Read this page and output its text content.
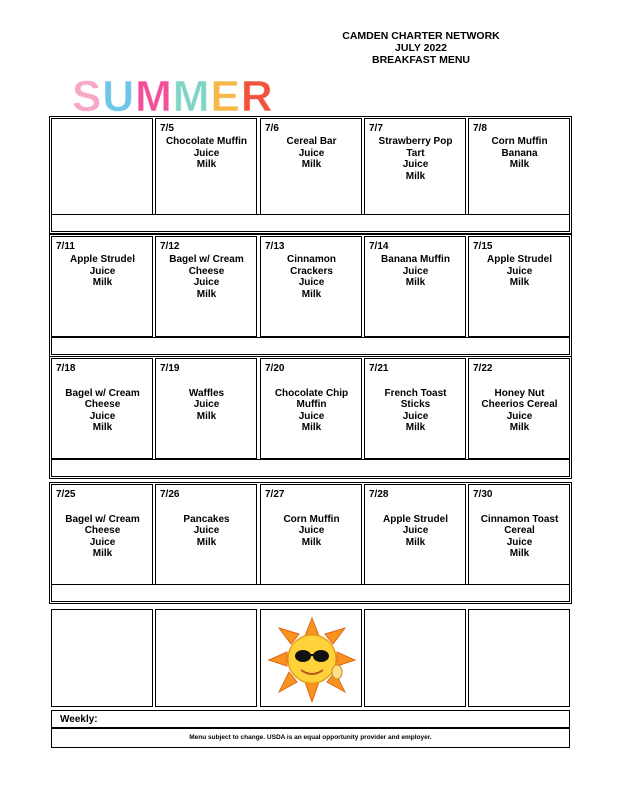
CAMDEN CHARTER NETWORK
JULY 2022
BREAKFAST MENU
S U M M E R
7/5
Chocolate Muffin
Juice
Milk
7/6
Cereal Bar
Juice
Milk
7/7
Strawberry Pop
Tart
Juice
Milk
7/8
Corn Muffin
Banana
Milk
7/11
Apple Strudel
Juice
Milk
7/12
Bagel w/ Cream
Cheese
Juice
Milk
7/13
Cinnamon
Crackers
Juice
Milk
7/14
Banana Muffin
Juice
Milk
7/15
Apple Strudel
Juice
Milk
7/18

Bagel w/ Cream
Cheese
Juice
Milk
7/19

Waffles
Juice
Milk
7/20

Chocolate Chip
Muffin
Juice
Milk
7/21

French Toast
Sticks
Juice
Milk
7/22

Honey Nut
Cheerios Cereal
Juice
Milk
7/25

Bagel w/ Cream
Cheese
Juice
Milk
7/26

Pancakes
Juice
Milk
7/27

Corn Muffin
Juice
Milk
7/28

Apple Strudel
Juice
Milk
7/30

Cinnamon Toast
Cereal
Juice
Milk
Weekly:
Menu subject to change. USDA is an equal opportunity provider and employer.
